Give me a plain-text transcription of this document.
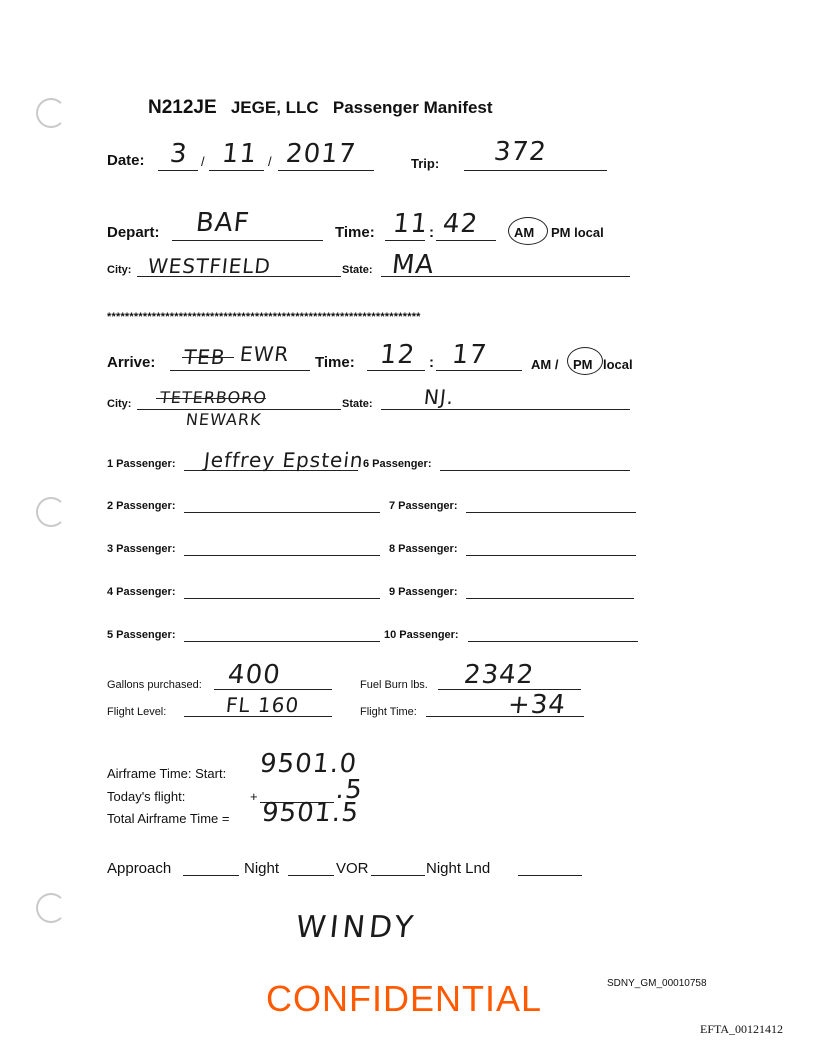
N212JE JEGE, LLC Passenger Manifest
Date: 3 / 11 / 2017	Trip: 372
Depart: BAF	Time: 11 : 42	AM PM local
City: WESTFIELD	State: MA
**********************************************************************
Arrive: TEB EWR Time: 12 : 17	AM / PM local
City: TETERBORO
NEWARK
State:	NJ.
1 Passenger: Jeffrey Epstein
2 Passenger:
3 Passenger:
4 Passenger:
5 Passenger:
6 Passenger:
7 Passenger:
8 Passenger:
9 Passenger:
10 Passenger:
Gallons purchased: 400	Fuel Burn lbs. 2342
Flight Level:	FL 160	Flight Time:	+34
Airframe Time: Start: 9501.0
Today's flight:	+	.5
Total Airframe Time = 9501.5
Approach	Night	VOR	Night Lnd
WINDY
CONFIDENTIAL	SDNY_GM_00010758
EFTA_00121412
